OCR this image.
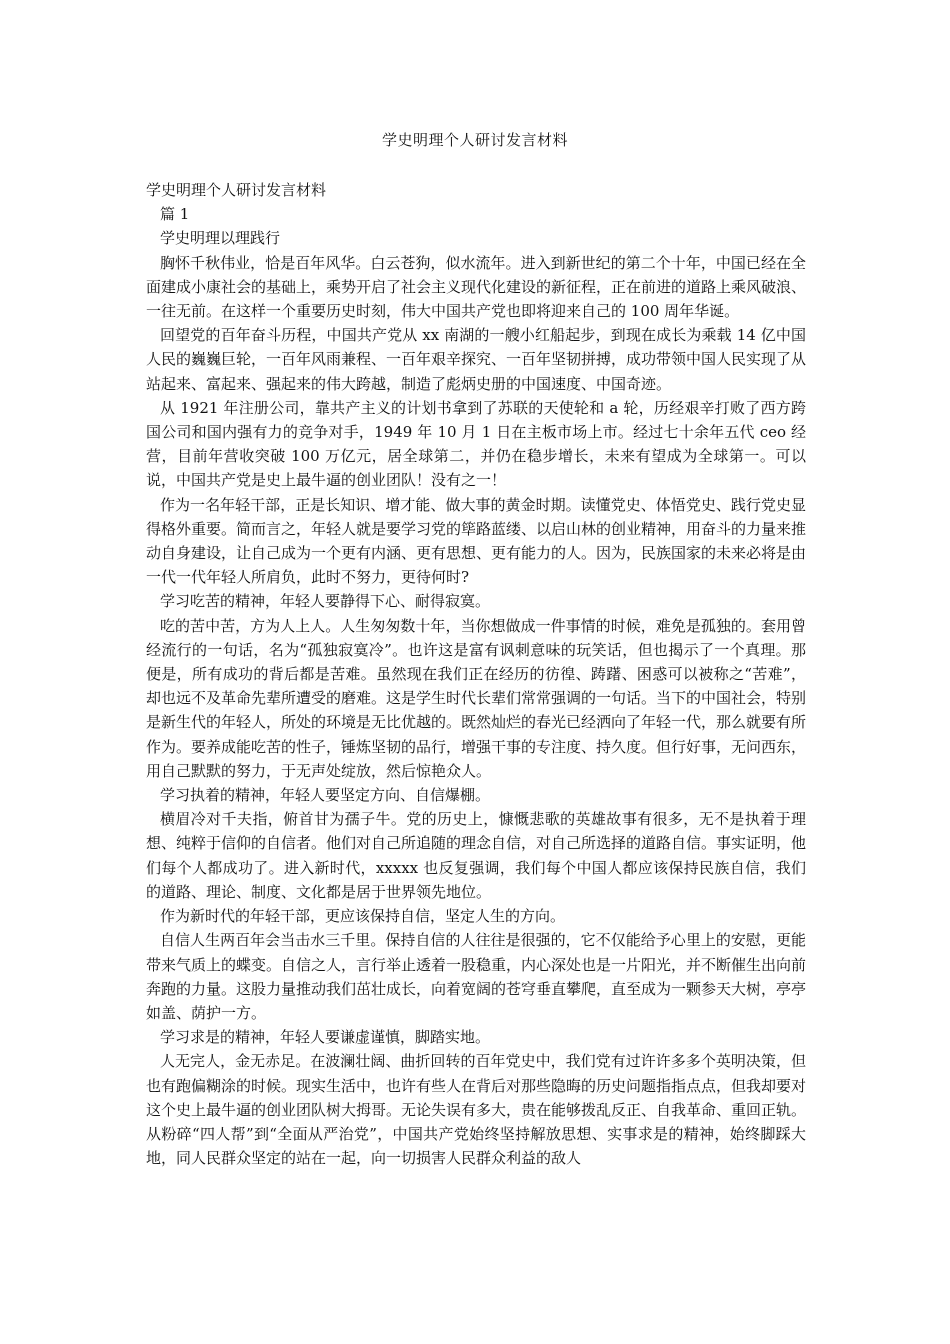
学史明理个人研讨发言材料

学史明理个人研讨发言材料

篇 1

学史明理以理践行

胸怀千秋伟业，恰是百年风华。白云苍狗，似水流年。进入到新世纪的第二个十年，中国已经在全面建成小康社会的基础上，乘势开启了社会主义现代化建设的新征程，正在前进的道路上乘风破浪、一往无前。在这样一个重要历史时刻，伟大中国共产党也即将迎来自己的 100 周年华诞。

回望党的百年奋斗历程，中国共产党从 xx 南湖的一艘小红船起步，到现在成长为乘载 14 亿中国人民的巍巍巨轮，一百年风雨兼程、一百年艰辛探究、一百年坚韧拼搏，成功带领中国人民实现了从站起来、富起来、强起来的伟大跨越，制造了彪炳史册的中国速度、中国奇迹。

从 1921 年注册公司，靠共产主义的计划书拿到了苏联的天使轮和 a 轮，历经艰辛打败了西方跨国公司和国内强有力的竞争对手，1949 年 10 月 1 日在主板市场上市。经过七十余年五代 ceo 经营，目前年营收突破 100 万亿元，居全球第二，并仍在稳步增长，未来有望成为全球第一。可以说，中国共产党是史上最牛逼的创业团队！没有之一！

作为一名年轻干部，正是长知识、增才能、做大事的黄金时期。读懂党史、体悟党史、践行党史显得格外重要。简而言之，年轻人就是要学习党的筚路蓝缕、以启山林的创业精神，用奋斗的力量来推动自身建设，让自己成为一个更有内涵、更有思想、更有能力的人。因为，民族国家的未来必将是由一代一代年轻人所肩负，此时不努力，更待何时?

学习吃苦的精神，年轻人要静得下心、耐得寂寞。

吃的苦中苦，方为人上人。人生匆匆数十年，当你想做成一件事情的时候，难免是孤独的。套用曾经流行的一句话，名为“孤独寂寞冷”。也许这是富有讽刺意味的玩笑话，但也揭示了一个真理。那便是，所有成功的背后都是苦难。虽然现在我们正在经历的彷徨、踌躇、困惑可以被称之“苦难”，却也远不及革命先辈所遭受的磨难。这是学生时代长辈们常常强调的一句话。当下的中国社会，特别是新生代的年轻人，所处的环境是无比优越的。既然灿烂的春光已经洒向了年轻一代，那么就要有所作为。要养成能吃苦的性子，锤炼坚韧的品行，增强干事的专注度、持久度。但行好事，无问西东，用自己默默的努力，于无声处绽放，然后惊艳众人。

学习执着的精神，年轻人要坚定方向、自信爆棚。

横眉冷对千夫指，俯首甘为孺子牛。党的历史上，慷慨悲歌的英雄故事有很多，无不是执着于理想、纯粹于信仰的自信者。他们对自己所追随的理念自信，对自己所选择的道路自信。事实证明，他们每个人都成功了。进入新时代，xxxxx 也反复强调，我们每个中国人都应该保持民族自信，我们的道路、理论、制度、文化都是居于世界领先地位。

作为新时代的年轻干部，更应该保持自信，坚定人生的方向。

自信人生两百年会当击水三千里。保持自信的人往往是很强的，它不仅能给予心里上的安慰，更能带来气质上的蝶变。自信之人，言行举止透着一股稳重，内心深处也是一片阳光，并不断催生出向前奔跑的力量。这股力量推动我们茁壮成长，向着宽阔的苍穹垂直攀爬，直至成为一颗参天大树，亭亭如盖、荫护一方。

学习求是的精神，年轻人要谦虚谨慎，脚踏实地。

人无完人，金无赤足。在波澜壮阔、曲折回转的百年党史中，我们党有过许许多多个英明决策，但也有跑偏糊涂的时候。现实生活中，也许有些人在背后对那些隐晦的历史问题指指点点，但我却要对这个史上最牛逼的创业团队树大拇哥。无论失误有多大，贵在能够拨乱反正、自我革命、重回正轨。从粉碎“四人帮”到“全面从严治党”，中国共产党始终坚持解放思想、实事求是的精神，始终脚踩大地，同人民群众坚定的站在一起，向一切损害人民群众利益的敌人
